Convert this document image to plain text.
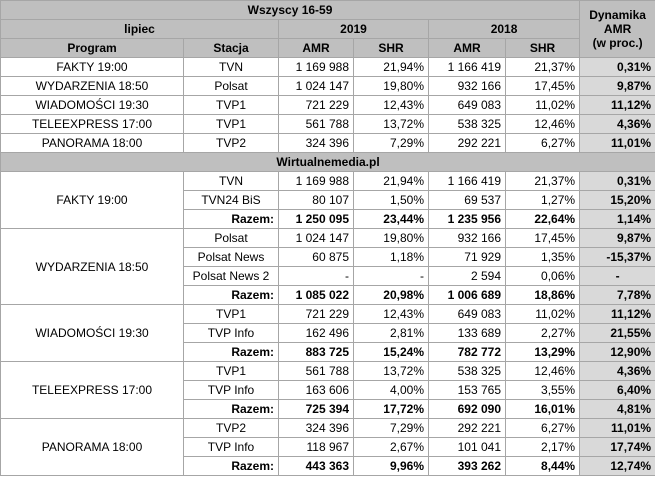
Wszyscy 16-59						Dynamika
AMR
(w proc.)

lipiec		2019		2018		
Program	Stacja	AMR	SHR	AMR	SHR	
FAKTY 19:00	TVN	1 169 988	21,94%	1 166 419	21,37%	0,31%
WYDARZENIA 18:50	Polsat	1 024 147	19,80%	932 166	17,45%	9,87%
WIADOMOŚCI 19:30	TVP1	721 229	12,43%	649 083	11,02%	11,12%
TELEEXPRESS 17:00	TVP1	561 788	13,72%	538 325	12,46%	4,36%
PANORAMA 18:00	TVP2	324 396	7,29%	292 221	6,27%	11,01%
Wirtualnemedia.pl						
FAKTY 19:00	TVN	1 169 988	21,94%	1 166 419	21,37%	0,31%
	TVN24 BiS	80 107	1,50%	69 537	1,27%	15,20%
	Razem:	1 250 095	23,44%	1 235 956	22,64%	1,14%
WYDARZENIA 18:50	Polsat	1 024 147	19,80%	932 166	17,45%	9,87%
	Polsat News	60 875	1,18%	71 929	1,35%	-15,37%
	Polsat News 2	-	-	2 594	0,06%	-
	Razem:	1 085 022	20,98%	1 006 689	18,86%	7,78%
WIADOMOŚCI 19:30	TVP1	721 229	12,43%	649 083	11,02%	11,12%
	TVP Info	162 496	2,81%	133 689	2,27%	21,55%
	Razem:	883 725	15,24%	782 772	13,29%	12,90%
TELEEXPRESS 17:00	TVP1	561 788	13,72%	538 325	12,46%	4,36%
	TVP Info	163 606	4,00%	153 765	3,55%	6,40%
	Razem:	725 394	17,72%	692 090	16,01%	4,81%
PANORAMA 18:00	TVP2	324 396	7,29%	292 221	6,27%	11,01%
	TVP Info	118 967	2,67%	101 041	2,17%	17,74%
	Razem:	443 363	9,96%	393 262	8,44%	12,74%
